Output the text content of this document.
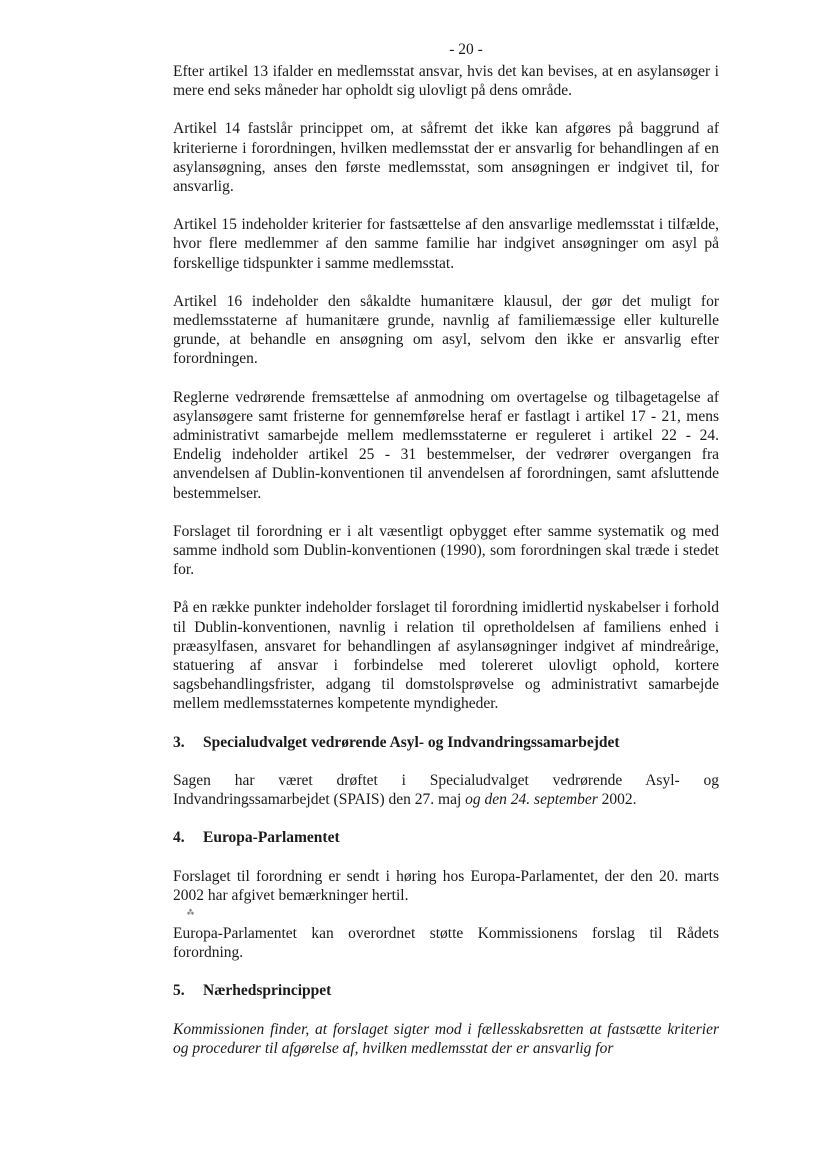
- 20 -

Efter artikel 13 ifalder en medlemsstat ansvar, hvis det kan bevises, at en asylansøger i mere end seks måneder har opholdt sig ulovligt på dens område.

Artikel 14 fastslår princippet om, at såfremt det ikke kan afgøres på baggrund af kriterierne i forordningen, hvilken medlemsstat der er ansvarlig for behandlingen af en asylansøgning, anses den første medlemsstat, som ansøgningen er indgivet til, for ansvarlig.

Artikel 15 indeholder kriterier for fastsættelse af den ansvarlige medlemsstat i tilfælde, hvor flere medlemmer af den samme familie har indgivet ansøgninger om asyl på forskellige tidspunkter i samme medlemsstat.

Artikel 16 indeholder den såkaldte humanitære klausul, der gør det muligt for medlemsstaterne af humanitære grunde, navnlig af familiemæssige eller kulturelle grunde, at behandle en ansøgning om asyl, selvom den ikke er ansvarlig efter forordningen.

Reglerne vedrørende fremsættelse af anmodning om overtagelse og tilbagetagelse af asylansøgere samt fristerne for gennemførelse heraf er fastlagt i artikel 17 - 21, mens administrativt samarbejde mellem medlemsstaterne er reguleret i artikel 22 - 24. Endelig indeholder artikel 25 - 31 bestemmelser, der vedrører overgangen fra anvendelsen af Dublin-konventionen til anvendelsen af forordningen, samt afsluttende bestemmelser.

Forslaget til forordning er i alt væsentligt opbygget efter samme systematik og med samme indhold som Dublin-konventionen (1990), som forordningen skal træde i stedet for.

På en række punkter indeholder forslaget til forordning imidlertid nyskabelser i forhold til Dublin-konventionen, navnlig i relation til opretholdelsen af familiens enhed i præasylfasen, ansvaret for behandlingen af asylansøgninger indgivet af mindreårige, statuering af ansvar i forbindelse med tolereret ulovligt ophold, kortere sagsbehandlingsfrister, adgang til domstolsprøvelse og administrativt samarbejde mellem medlemsstaternes kompetente myndigheder.

3. Specialudvalget vedrørende Asyl- og Indvandringssamarbejdet

Sagen har været drøftet i Specialudvalget vedrørende Asyl- og Indvandringssamarbejdet (SPAIS) den 27. maj og den 24. september 2002.

4. Europa-Parlamentet

Forslaget til forordning er sendt i høring hos Europa-Parlamentet, der den 20. marts 2002 har afgivet bemærkninger hertil.

⁂

Europa-Parlamentet kan overordnet støtte Kommissionens forslag til Rådets forordning.

5. Nærhedsprincippet

Kommissionen finder, at forslaget sigter mod i fællesskabsretten at fastsætte kriterier og procedurer til afgørelse af, hvilken medlemsstat der er ansvarlig for
